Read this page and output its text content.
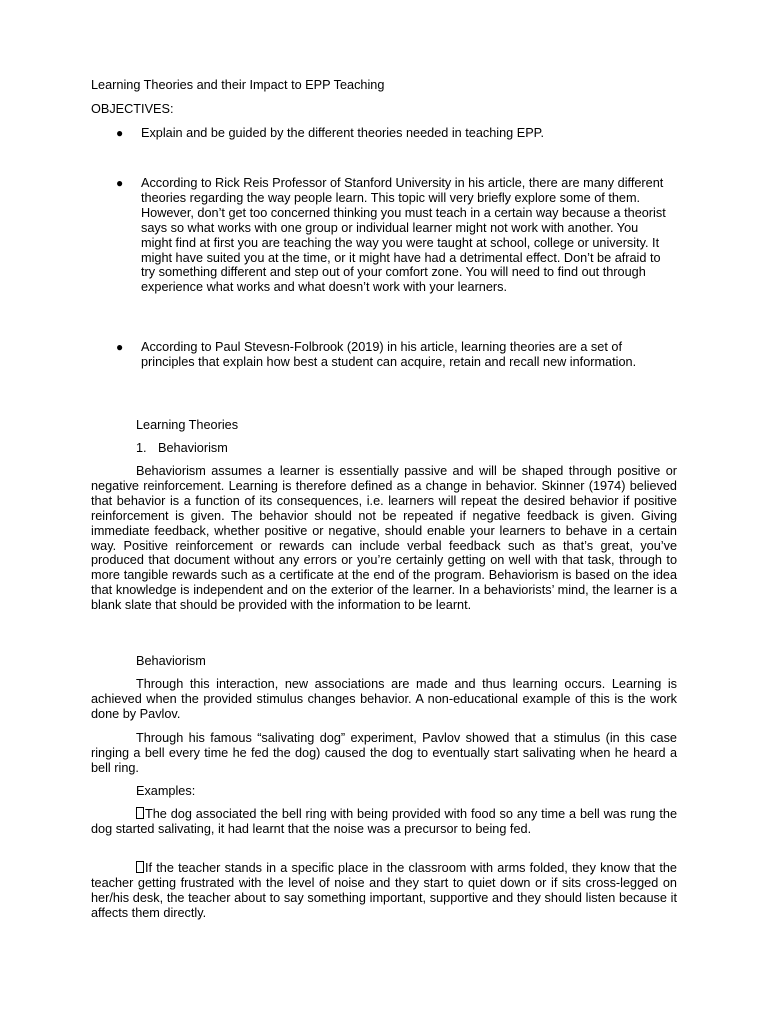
Learning Theories and their Impact to EPP Teaching
OBJECTIVES:
● Explain and be guided by the different theories needed in teaching EPP.
● According to Rick Reis Professor of Stanford University in his article, there are many different theories regarding the way people learn. This topic will very briefly explore some of them. However, don’t get too concerned thinking you must teach in a certain way because a theorist says so what works with one group or individual learner might not work with another. You might find at first you are teaching the way you were taught at school, college or university. It might have suited you at the time, or it might have had a detrimental effect. Don’t be afraid to try something different and step out of your comfort zone. You will need to find out through experience what works and what doesn’t work with your learners.
● According to Paul Stevesn-Folbrook (2019) in his article, learning theories are a set of principles that explain how best a student can acquire, retain and recall new information.
Learning Theories
1. Behaviorism
Behaviorism assumes a learner is essentially passive and will be shaped through positive or negative reinforcement. Learning is therefore defined as a change in behavior. Skinner (1974) believed that behavior is a function of its consequences, i.e. learners will repeat the desired behavior if positive reinforcement is given. The behavior should not be repeated if negative feedback is given. Giving immediate feedback, whether positive or negative, should enable your learners to behave in a certain way. Positive reinforcement or rewards can include verbal feedback such as that’s great, you’ve produced that document without any errors or you’re certainly getting on well with that task, through to more tangible rewards such as a certificate at the end of the program. Behaviorism is based on the idea that knowledge is independent and on the exterior of the learner. In a behaviorists’ mind, the learner is a blank slate that should be provided with the information to be learnt.
Behaviorism
Through this interaction, new associations are made and thus learning occurs. Learning is achieved when the provided stimulus changes behavior. A non-educational example of this is the work done by Pavlov.
Through his famous “salivating dog” experiment, Pavlov showed that a stimulus (in this case ringing a bell every time he fed the dog) caused the dog to eventually start salivating when he heard a bell ring.
Examples:
The dog associated the bell ring with being provided with food so any time a bell was rung the dog started salivating, it had learnt that the noise was a precursor to being fed.
If the teacher stands in a specific place in the classroom with arms folded, they know that the teacher getting frustrated with the level of noise and they start to quiet down or if sits cross-legged on her/his desk, the teacher about to say something important, supportive and they should listen because it affects them directly.
